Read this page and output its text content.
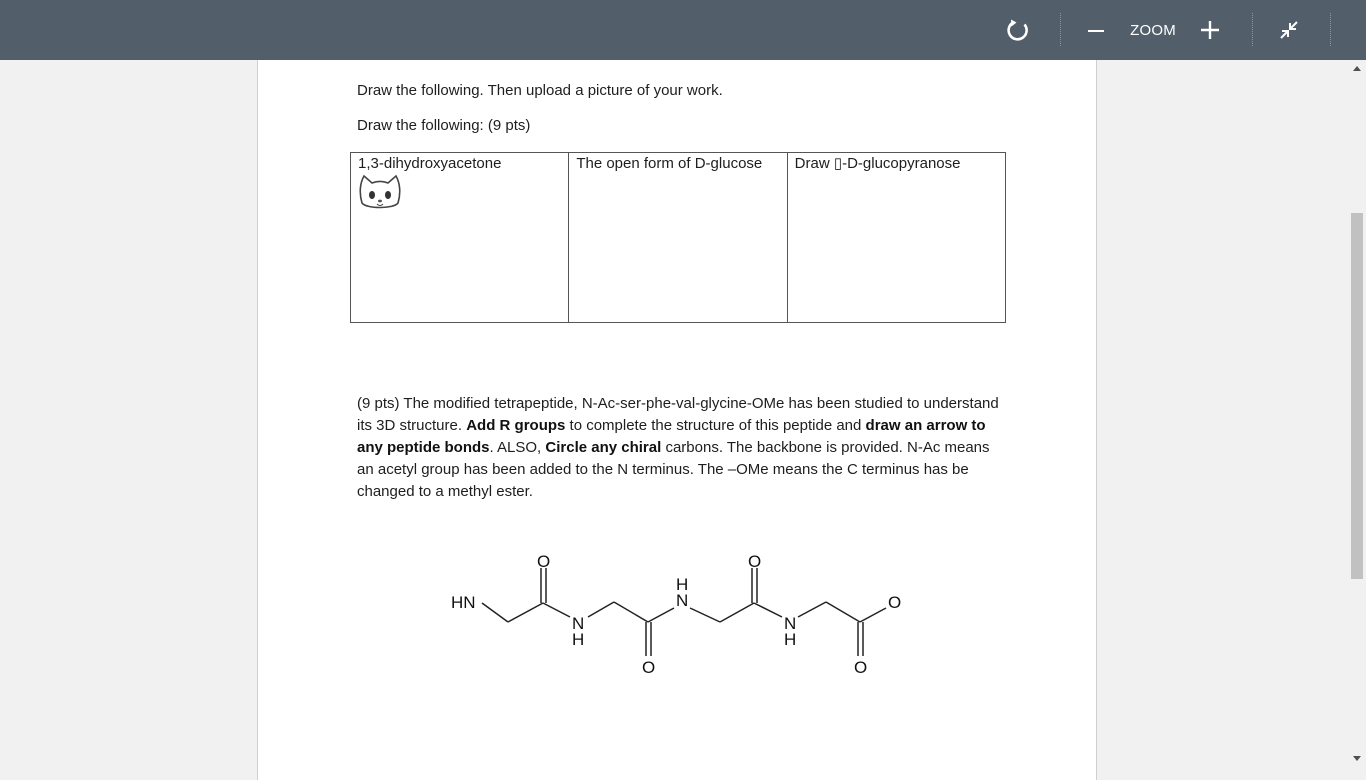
ZOOM
Draw the following. Then upload a picture of your work.
Draw the following: (9 pts)
1,3-dihydroxyacetone	The open form of D-glucose	Draw ▯-D-glucopyranose
(9 pts) The modified tetrapeptide, N-Ac-ser-phe-val-glycine-OMe has been studied to understand its 3D structure. Add R groups to complete the structure of this peptide and draw an arrow to any peptide bonds. ALSO, Circle any chiral carbons. The backbone is provided. N-Ac means an acetyl group has been added to the N terminus. The –OMe means the C terminus has be changed to a methyl ester.
HN
O
N
H
O
H
N
O
N
H
O
O
